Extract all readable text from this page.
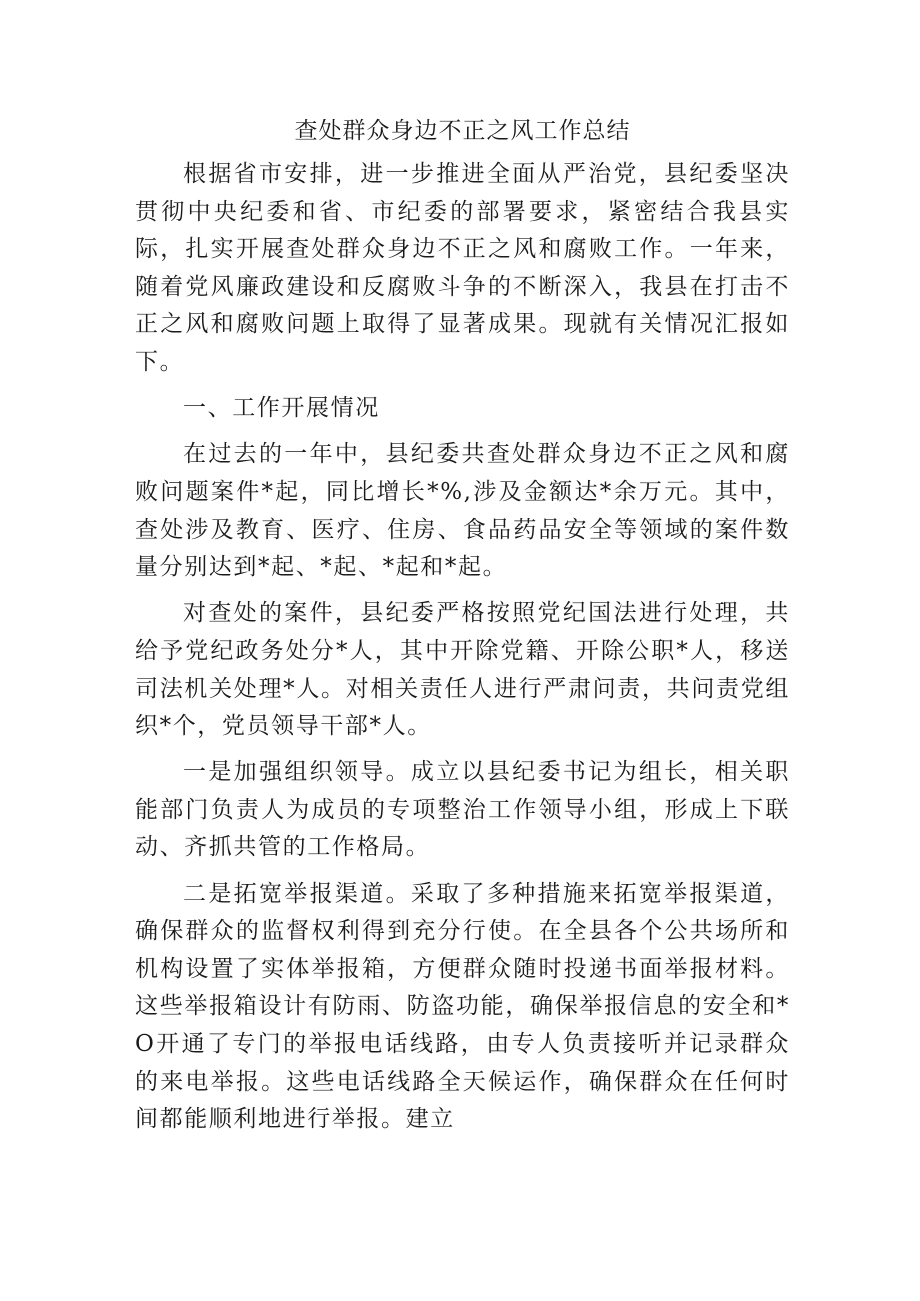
查处群众身边不正之风工作总结

根据省市安排，进一步推进全面从严治党，县纪委坚决贯彻中央纪委和省、市纪委的部署要求，紧密结合我县实际，扎实开展查处群众身边不正之风和腐败工作。一年来，随着党风廉政建设和反腐败斗争的不断深入，我县在打击不正之风和腐败问题上取得了显著成果。现就有关情况汇报如下。

一、工作开展情况

在过去的一年中，县纪委共查处群众身边不正之风和腐败问题案件*起，同比增长*%,涉及金额达*余万元。其中，查处涉及教育、医疗、住房、食品药品安全等领域的案件数量分别达到*起、*起、*起和*起。

对查处的案件，县纪委严格按照党纪国法进行处理，共给予党纪政务处分*人，其中开除党籍、开除公职*人，移送司法机关处理*人。对相关责任人进行严肃问责，共问责党组织*个，党员领导干部*人。

一是加强组织领导。成立以县纪委书记为组长，相关职能部门负责人为成员的专项整治工作领导小组，形成上下联动、齐抓共管的工作格局。

二是拓宽举报渠道。采取了多种措施来拓宽举报渠道，确保群众的监督权利得到充分行使。在全县各个公共场所和机构设置了实体举报箱，方便群众随时投递书面举报材料。这些举报箱设计有防雨、防盗功能，确保举报信息的安全和*O开通了专门的举报电话线路，由专人负责接听并记录群众的来电举报。这些电话线路全天候运作，确保群众在任何时间都能顺利地进行举报。建立
